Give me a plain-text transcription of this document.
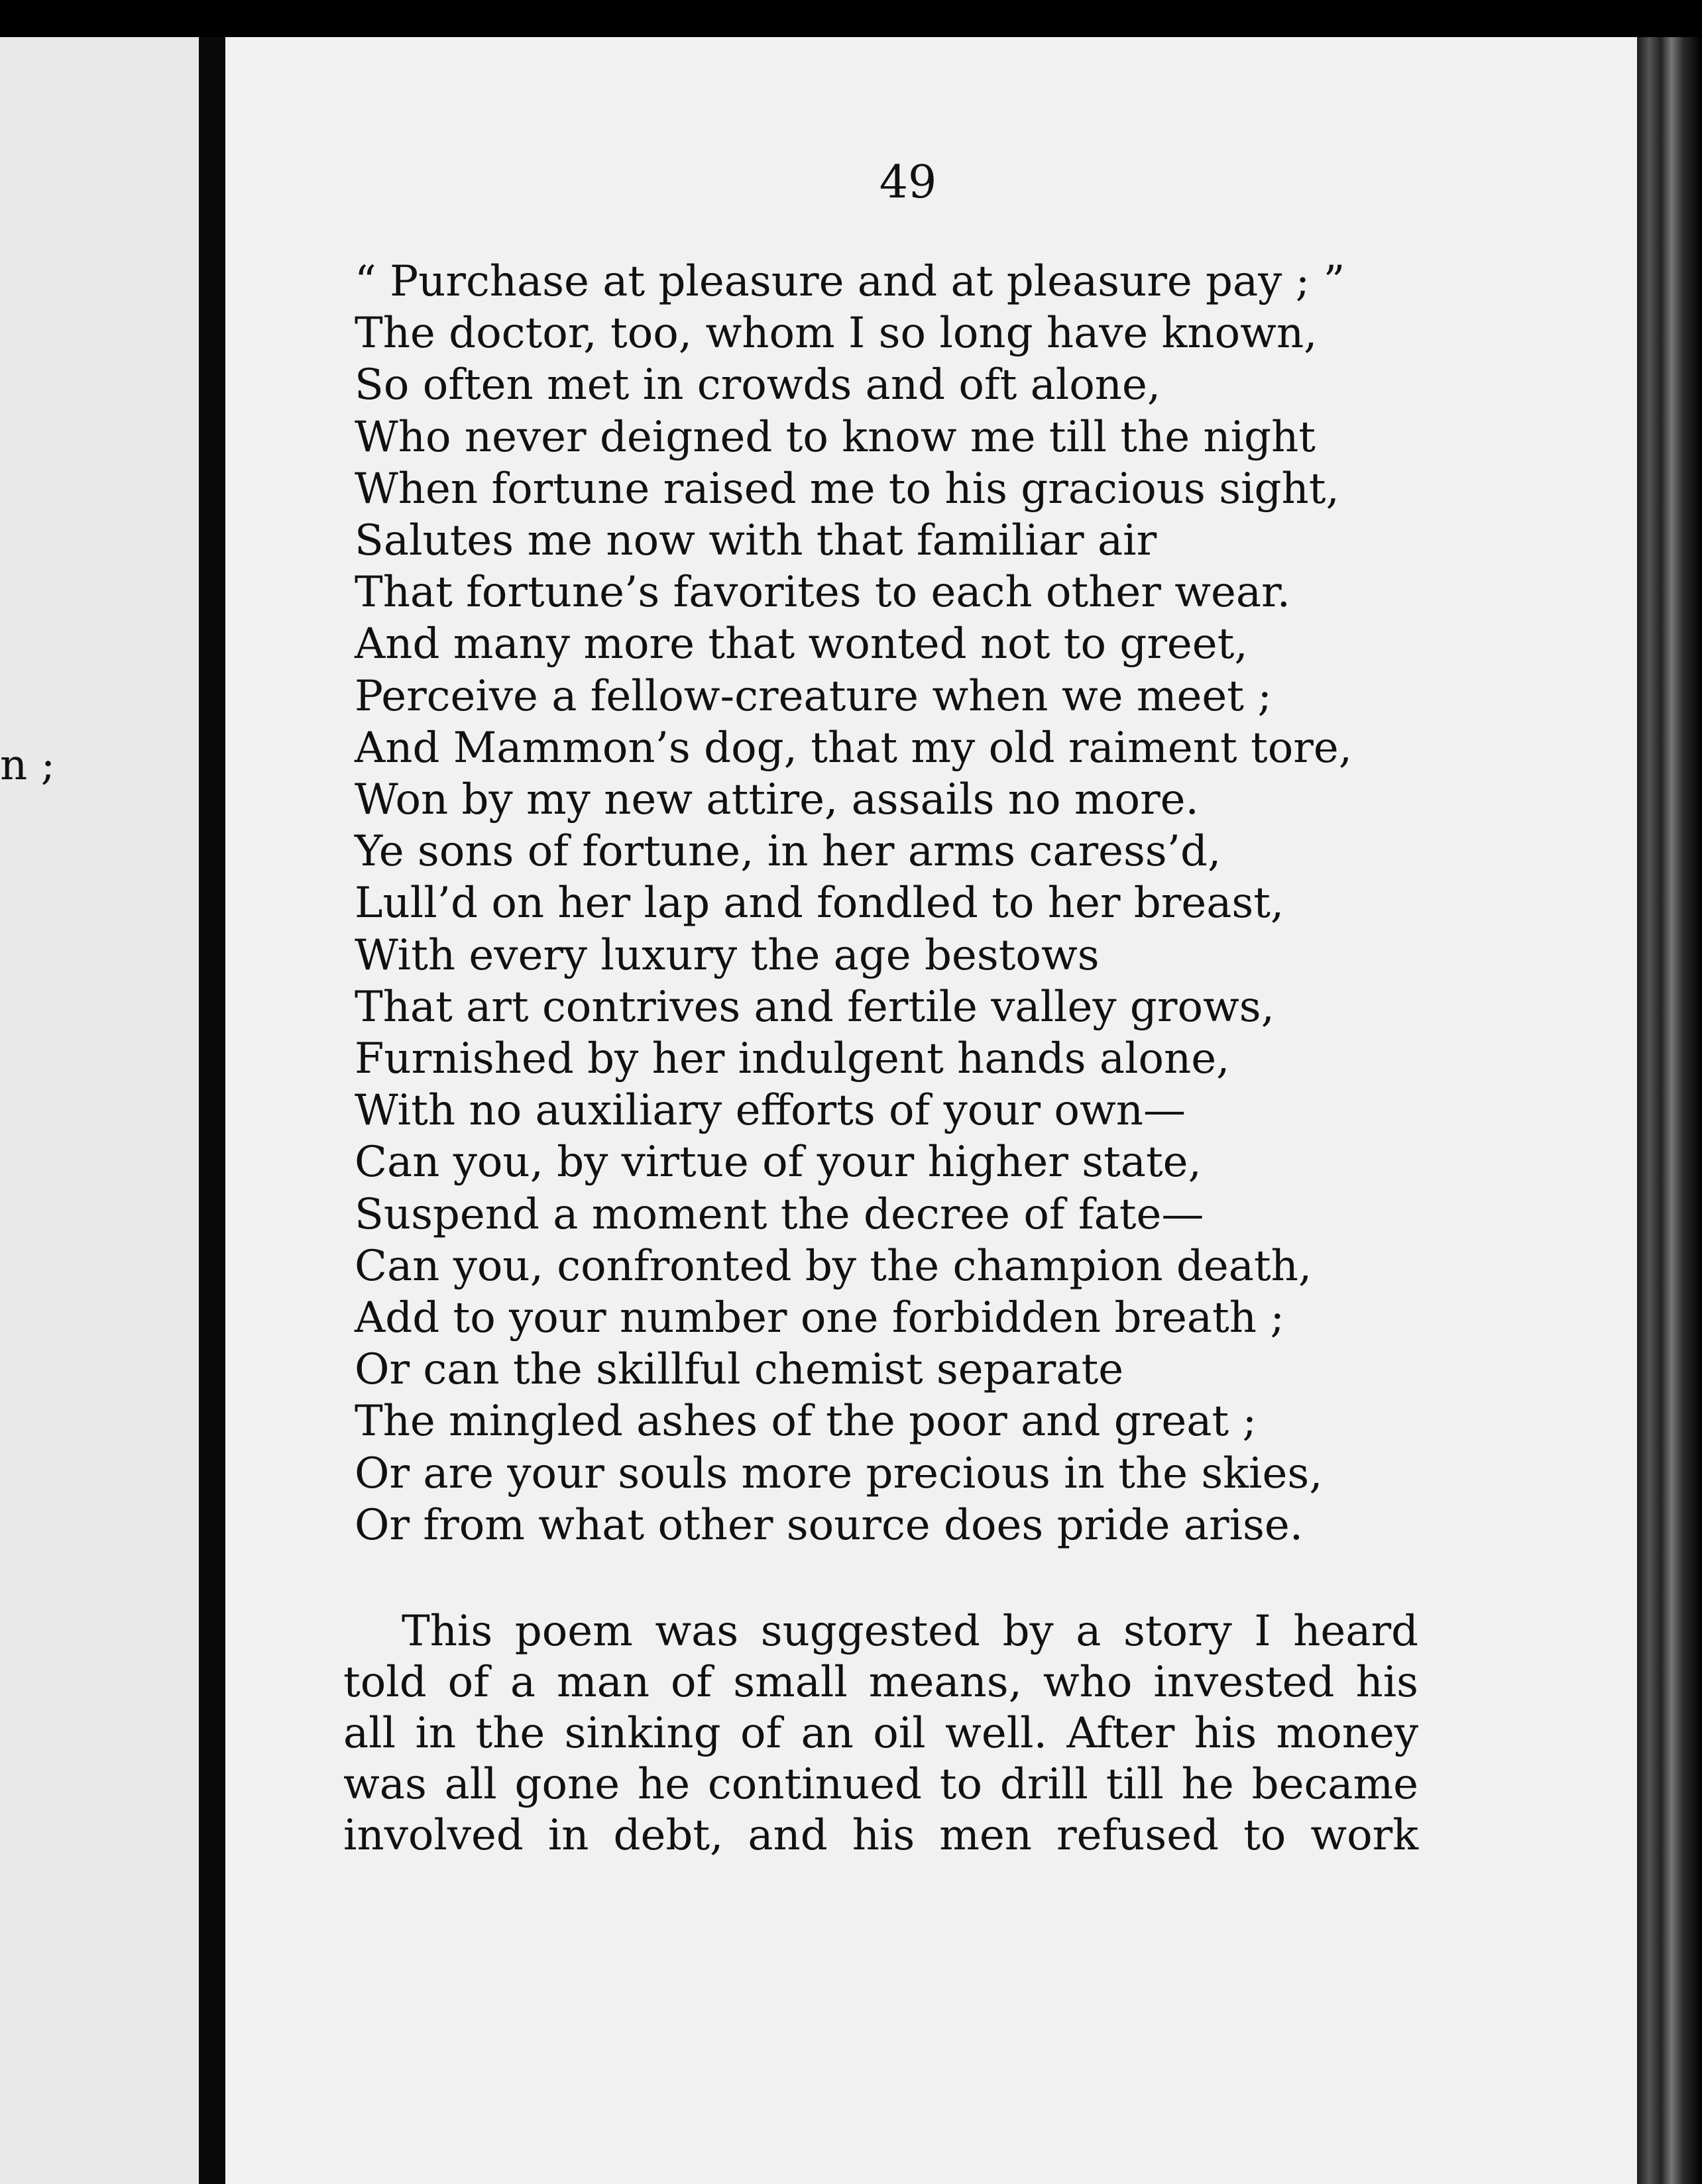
n ;
49
“ Purchase at pleasure and at pleasure pay ; ”
The doctor, too, whom I so long have known,
So often met in crowds and oft alone,
Who never deigned to know me till the night
When fortune raised me to his gracious sight,
Salutes me now with that familiar air
That fortune’s favorites to each other wear.
And many more that wonted not to greet,
Perceive a fellow-creature when we meet ;
And Mammon’s dog, that my old raiment tore,
Won by my new attire, assails no more.
Ye sons of fortune, in her arms caress’d,
Lull’d on her lap and fondled to her breast,
With every luxury the age bestows
That art contrives and fertile valley grows,
Furnished by her indulgent hands alone,
With no auxiliary efforts of your own—
Can you, by virtue of your higher state,
Suspend a moment the decree of fate—
Can you, confronted by the champion death,
Add to your number one forbidden breath ;
Or can the skillful chemist separate
The mingled ashes of the poor and great ;
Or are your souls more precious in the skies,
Or from what other source does pride arise.
This poem was suggested by a story I heard
told of a man of small means, who invested his
all in the sinking of an oil well. After his money
was all gone he continued to drill till he became
involved in debt, and his men refused to work
